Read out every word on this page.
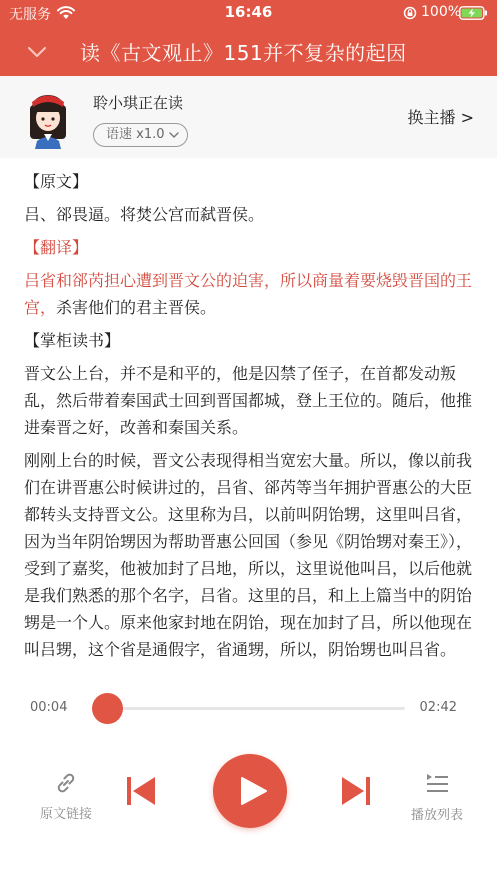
无服务	16:46	100%
读《古文观止》151并不复杂的起因
聆小琪正在读
语速 x1.0
换主播 >
【原文】

吕、郤畏逼。将焚公宫而弑晋侯。

【翻译】

吕省和郤芮担心遭到晋文公的迫害，所以商量着要烧毁晋国的王宫，杀害他们的君主晋侯。

【掌柜读书】

晋文公上台，并不是和平的，他是囚禁了侄子，在首都发动叛乱，然后带着秦国武士回到晋国都城，登上王位的。随后，他推进秦晋之好，改善和秦国关系。

刚刚上台的时候，晋文公表现得相当宽宏大量。所以，像以前我们在讲晋惠公时候讲过的，吕省、郤芮等当年拥护晋惠公的大臣都转头支持晋文公。这里称为吕，以前叫阴饴甥，这里叫吕省，因为当年阴饴甥因为帮助晋惠公回国（参见《阴饴甥对秦王》），受到了嘉奖，他被加封了吕地，所以，这里说他叫吕，以后他就是我们熟悉的那个名字，吕省。这里的吕，和上上篇当中的阴饴甥是一个人。原来他家封地在阴饴，现在加封了吕，所以他现在叫吕甥，这个省是通假字，省通甥，所以，阴饴甥也叫吕省。

00:04	02:42
原文链接	播放列表
